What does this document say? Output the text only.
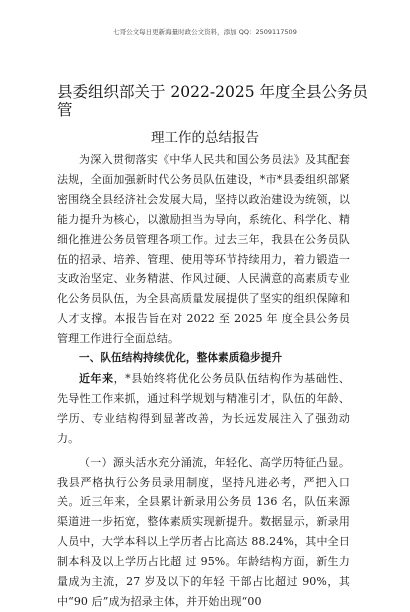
七哥公文每日更新海量时政公文资料，添加 QQ：2509117509
县委组织部关于 2022-2025 年度全县公务员
管
理工作的总结报告

为深入贯彻落实《中华人民共和国公务员法》及其配套法规，全面加强新时代公务员队伍建设，*市*县委组织部紧密围绕全县经济社会发展大局，坚持以政治建设为统领，以能力提升为核心，以激励担当为导向，系统化、科学化、精细化推进公务员管理各项工作。过去三年，我县在公务员队伍的招录、培养、管理、使用等环节持续用力，着力锻造一支政治坚定、业务精湛、作风过硬、人民满意的高素质专业化公务员队伍，为全县高质量发展提供了坚实的组织保障和人才支撑。本报告旨在对 2022 至 2025 年 度全县公务员管理工作进行全面总结。

一、队伍结构持续优化，整体素质稳步提升

近年来，*县始终将优化公务员队伍结构作为基础性、先导性工作来抓，通过科学规划与精准引才，队伍的年龄、学历、专业结构得到显著改善，为长远发展注入了强劲动力。

（一）源头活水充分涌流，年轻化、高学历特征凸显。我县严格执行公务员录用制度，坚持凡进必考，严把入口关。近三年来，全县累计新录用公务员 136 名，队伍来源渠道进一步拓宽，整体素质实现新提升。数据显示，新录用人员中，大学本科以上学历者占比高达 88.24%，其中全日制本科及以上学历占比超 过 95%。年龄结构方面，新生力量成为主流，27 岁及以下的年轻 干部占比超过 90%，其中“90 后”成为招录主体，并开始出现“00
